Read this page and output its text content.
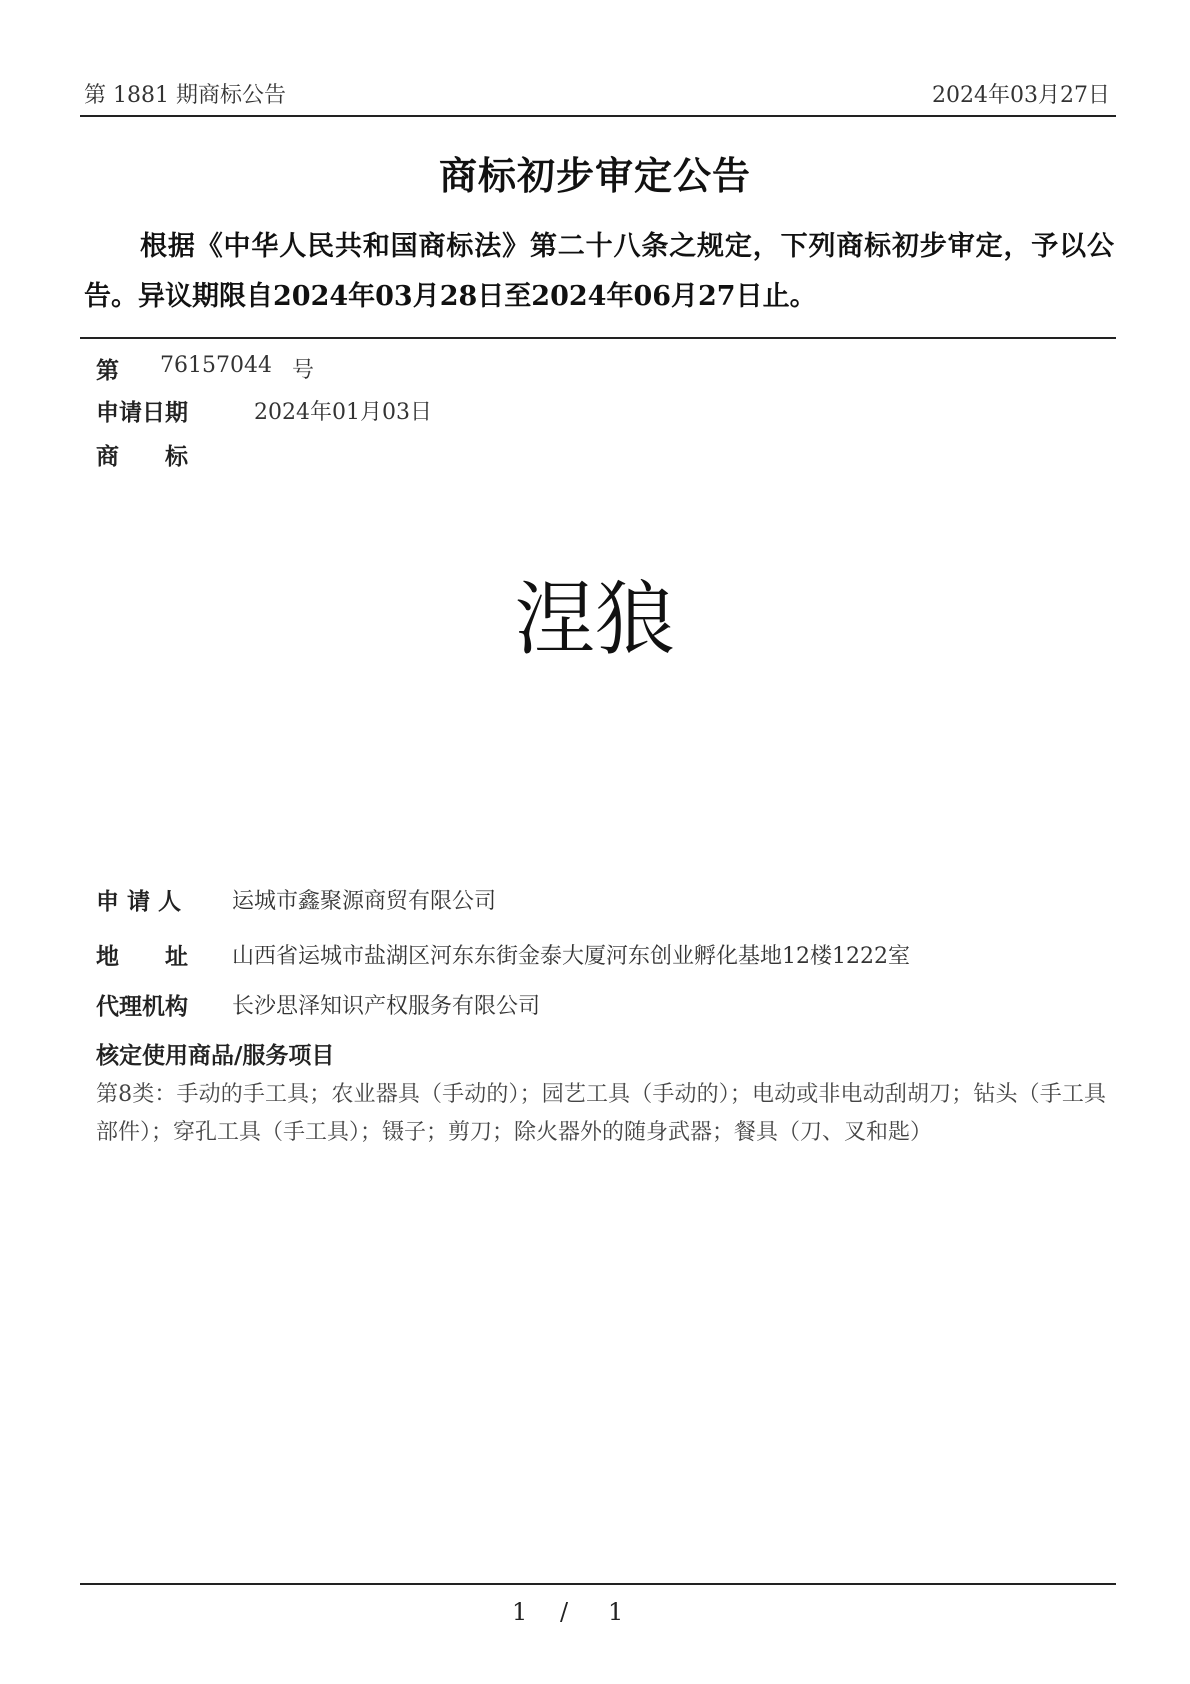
第 1881 期商标公告	2024年03月27日
商标初步审定公告
根据《中华人民共和国商标法》第二十八条之规定，下列商标初步审定，予以公告。异议期限自2024年03月28日至2024年06月27日止。
第 76157044 号
申请日期	2024年01月03日
商　　标
涅狼
申 请 人 运城市鑫聚源商贸有限公司
地　　址 山西省运城市盐湖区河东东街金泰大厦河东创业孵化基地12楼1222室
代理机构 长沙思泽知识产权服务有限公司
核定使用商品/服务项目
第8类：手动的手工具；农业器具（手动的）；园艺工具（手动的）；电动或非电动刮胡刀；钻头（手工具部件）；穿孔工具（手工具）；镊子；剪刀；除火器外的随身武器；餐具（刀、叉和匙）
1 / 1
